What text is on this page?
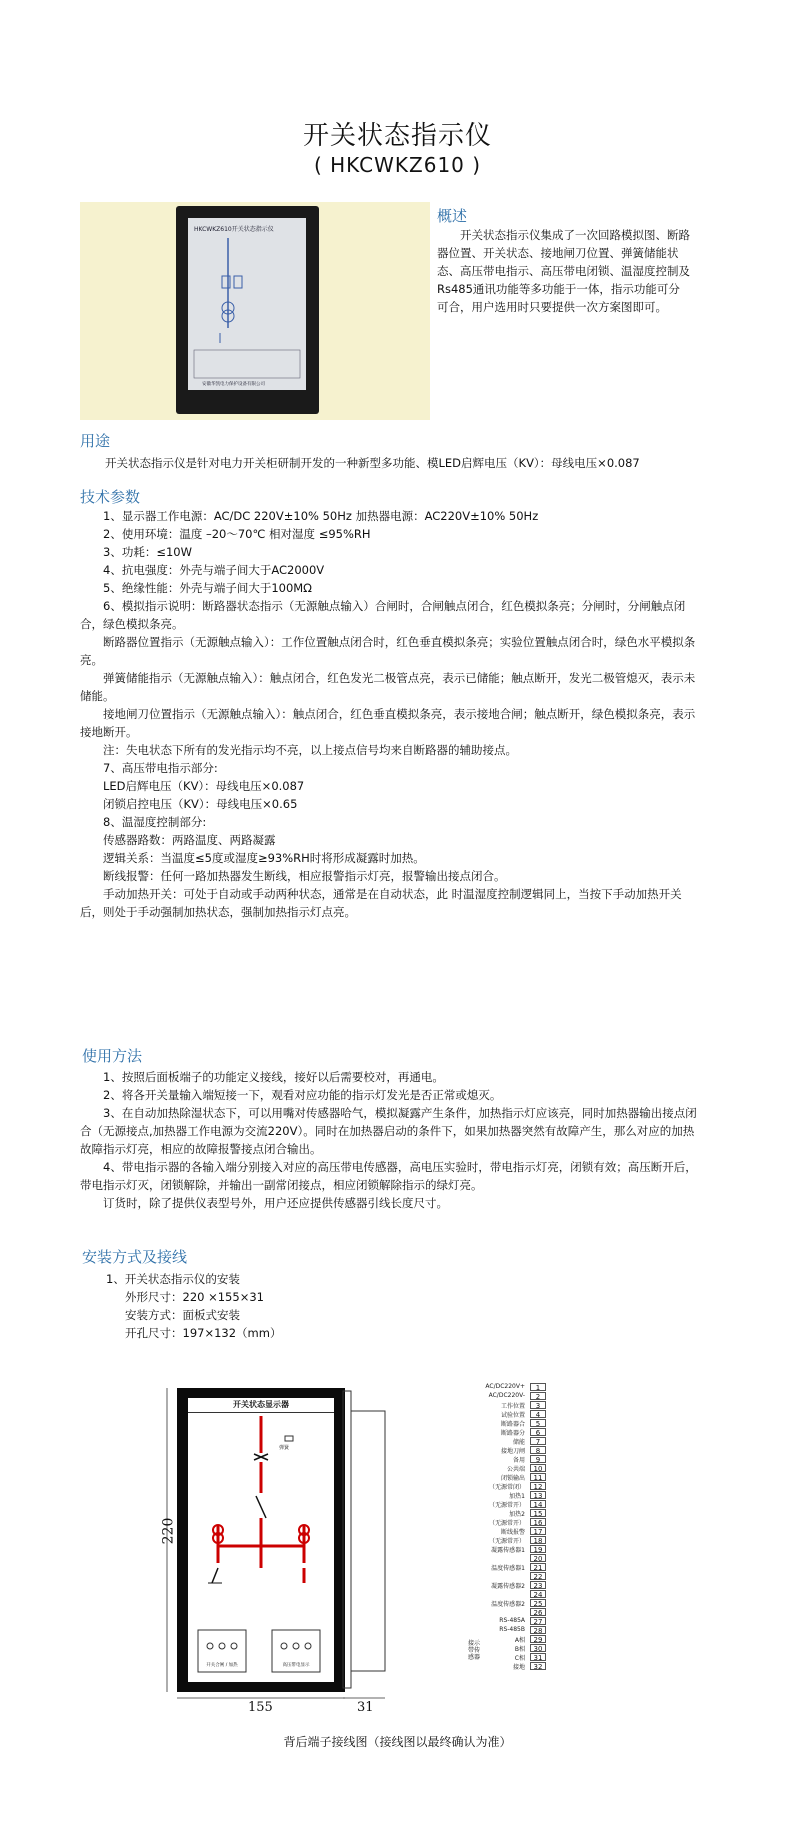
开关状态指示仪
( HKCWKZ610 )
HKCWKZ610开关状态指示仪
安徽华凯电力保护设备有限公司
概述

开关状态指示仪集成了一次回路模拟图、断路器位置、开关状态、接地闸刀位置、弹簧储能状态、高压带电指示、高压带电闭锁、温湿度控制及Rs485通讯功能等多功能于一体，指示功能可分可合，用户选用时只要提供一次方案图即可。

用途
开关状态指示仪是针对电力开关柜研制开发的一种新型多功能、模LED启辉电压（KV）：母线电压×0.087
技术参数

1、显示器工作电源：AC/DC 220V±10% 50Hz 加热器电源：AC220V±10% 50Hz

2、使用环境：温度 –20～70℃ 相对湿度 ≤95%RH

3、功耗：≤10W

4、抗电强度：外壳与端子间大于AC2000V

5、绝缘性能：外壳与端子间大于100MΩ

6、模拟指示说明：断路器状态指示（无源触点输入）合闸时，合闸触点闭合，红色模拟条亮；分闸时，分闸触点闭合，绿色模拟条亮。

断路器位置指示（无源触点输入）：工作位置触点闭合时，红色垂直模拟条亮；实验位置触点闭合时，绿色水平模拟条亮。

弹簧储能指示（无源触点输入）：触点闭合，红色发光二极管点亮，表示已储能；触点断开，发光二极管熄灭，表示未储能。

接地闸刀位置指示（无源触点输入）：触点闭合，红色垂直模拟条亮，表示接地合闸；触点断开，绿色模拟条亮，表示接地断开。

注：失电状态下所有的发光指示均不亮，以上接点信号均来自断路器的辅助接点。

7、高压带电指示部分:

LED启辉电压（KV）：母线电压×0.087

闭锁启控电压（KV）：母线电压×0.65

8、温湿度控制部分:

传感器路数：两路温度、两路凝露

逻辑关系：当温度≤5度或湿度≥93%RH时将形成凝露时加热。

断线报警：任何一路加热器发生断线，相应报警指示灯亮，报警输出接点闭合。

手动加热开关：可处于自动或手动两种状态，通常是在自动状态，此 时温湿度控制逻辑同上，当按下手动加热开关后，则处于手动强制加热状态，强制加热指示灯点亮。

使用方法

1、按照后面板端子的功能定义接线，接好以后需要校对，再通电。

2、将各开关量输入端短接一下，观看对应功能的指示灯发光是否正常或熄灭。

3、在自动加热除湿状态下，可以用嘴对传感器哈气，模拟凝露产生条件，加热指示灯应该亮，同时加热器输出接点闭合（无源接点,加热器工作电源为交流220V）。同时在加热器启动的条件下，如果加热器突然有故障产生，那么对应的加热故障指示灯亮，相应的故障报警接点闭合输出。

4、带电指示器的各输入端分别接入对应的高压带电传感器，高电压实验时，带电指示灯亮，闭锁有效；高压断开后，带电指示灯灭，闭锁解除，并输出一副常闭接点，相应闭锁解除指示的绿灯亮。

订货时，除了提供仪表型号外，用户还应提供传感器引线长度尺寸。

安装方式及接线

1、开关状态指示仪的安装

外形尺寸：220 ×155×31

安装方式：面板式安装

开孔尺寸：197×132（mm）

开关状态显示器
弹簧
开关合闸 / 加热	高压带电显示
220
155	31
AC/DC220V+	1
AC/DC220V-	2
工作位置	3
试验位置	4
断路器合	5
断路器分	6
储能	7
接地刀闸	8
备用	9
公共端	10
闭锁输出	11
（无源常闭）	12
加热1	13
（无源常开）	14
加热2	15
（无源常开）	16
断线报警	17
（无源常开）	18
凝露传感器1	19
20
温度传感器1	21
22
凝露传感器2	23
24
温度传感器2	25
26
RS-485A	27
RS-485B	28
A相	29
B相	30
C相	31
接地	32
接示带传感器
背后端子接线图（接线图以最终确认为准）
